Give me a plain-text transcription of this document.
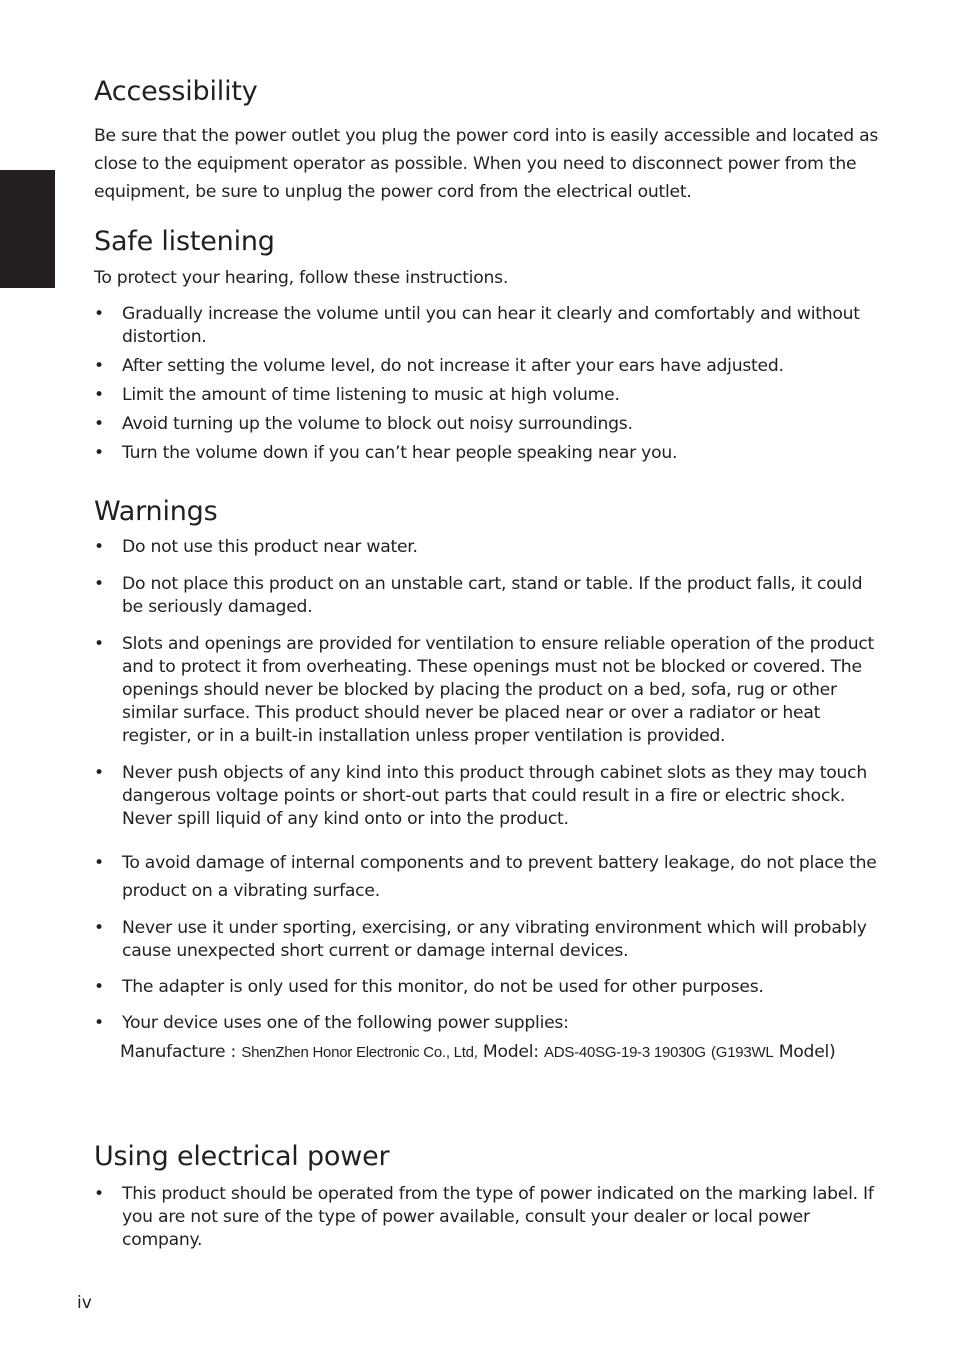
English
Accessibility

Be sure that the power outlet you plug the power cord into is easily accessible and located as close to the equipment operator as possible. When you need to disconnect power from the equipment, be sure to unplug the power cord from the electrical outlet.

Safe listening

To protect your hearing, follow these instructions.

• Gradually increase the volume until you can hear it clearly and comfortably and without distortion.
• After setting the volume level, do not increase it after your ears have adjusted.
• Limit the amount of time listening to music at high volume.
• Avoid turning up the volume to block out noisy surroundings.
• Turn the volume down if you can’t hear people speaking near you.
Warnings
• Do not use this product near water.
• Do not place this product on an unstable cart, stand or table. If the product falls, it could be seriously damaged.
• Slots and openings are provided for ventilation to ensure reliable operation of the product and to protect it from overheating. These openings must not be blocked or covered. The openings should never be blocked by placing the product on a bed, sofa, rug or other similar surface. This product should never be placed near or over a radiator or heat register, or in a built-in installation unless proper ventilation is provided.
• Never push objects of any kind into this product through cabinet slots as they may touch dangerous voltage points or short-out parts that could result in a fire or electric shock. Never spill liquid of any kind onto or into the product.
• To avoid damage of internal components and to prevent battery leakage, do not place the product on a vibrating surface.
• Never use it under sporting, exercising, or any vibrating environment which will probably cause unexpected short current or damage internal devices.
• The adapter is only used for this monitor, do not be used for other purposes.
• Your device uses one of the following power supplies:
Manufacture : ShenZhen Honor Electronic Co., Ltd, Model: ADS-40SG-19-3 19030G (G193WL Model)
Using electrical power
• This product should be operated from the type of power indicated on the marking label. If you are not sure of the type of power available, consult your dealer or local power company.
iv
